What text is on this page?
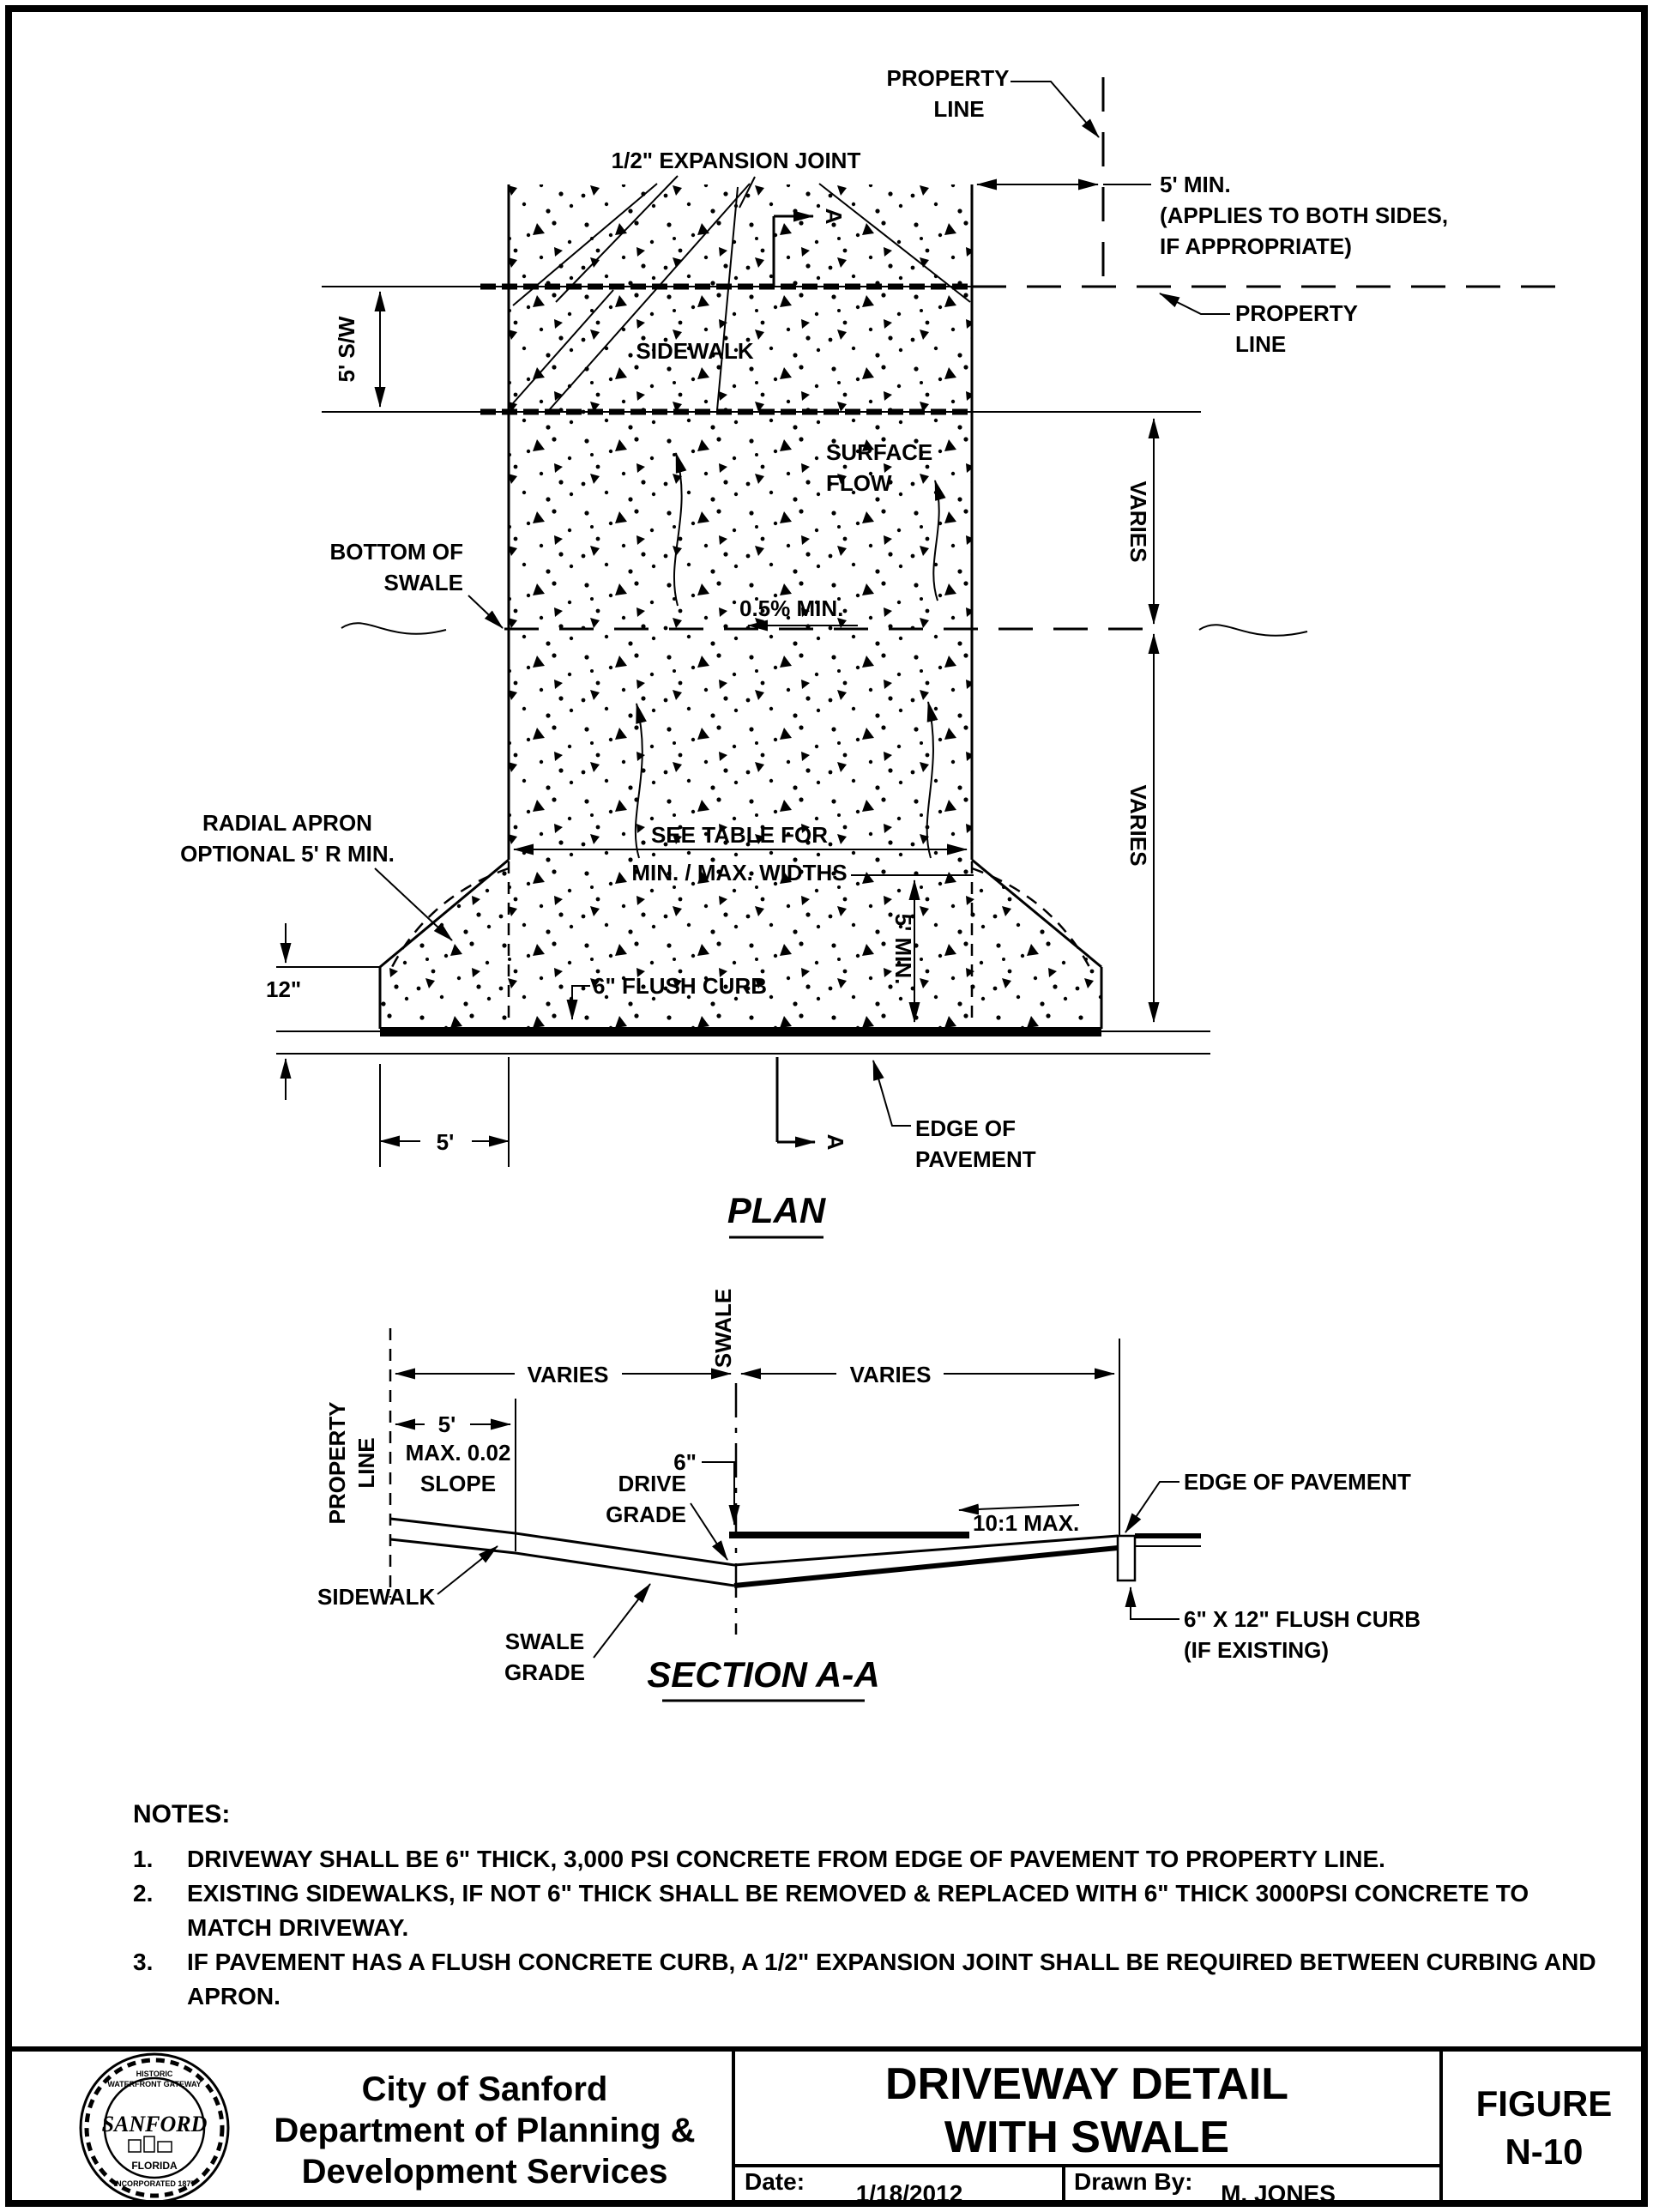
1/2" EXPANSION JOINT
PROPERTY
LINE
5' MIN.
(APPLIES TO BOTH SIDES,
IF APPROPRIATE)
PROPERTY
LINE
5' S/W
A
SIDEWALK
SURFACE
FLOW
BOTTOM OF
SWALE
0.5% MIN.
VARIES
VARIES
RADIAL APRON
OPTIONAL 5' R MIN.
SEE TABLE FOR
MIN. / MAX. WIDTHS
5' MIN.
6" FLUSH CURB
12"
5'	A
EDGE OF
PAVEMENT
PLAN
SWALE
PROPERTY LINE
VARIES	VARIES
5'
MAX. 0.02
SLOPE
6"
DRIVE
GRADE	10:1 MAX.
EDGE OF PAVEMENT
6" X 12" FLUSH CURB
(IF EXISTING)
SIDEWALK
SWALE
GRADE SECTION A-A
NOTES:
1. DRIVEWAY SHALL BE 6" THICK, 3,000 PSI CONCRETE FROM EDGE OF PAVEMENT TO PROPERTY LINE.
2. EXISTING SIDEWALKS, IF NOT 6" THICK SHALL BE REMOVED & REPLACED WITH 6" THICK 3000PSI CONCRETE TO
MATCH DRIVEWAY.
3. IF PAVEMENT HAS A FLUSH CONCRETE CURB, A 1/2" EXPANSION JOINT SHALL BE REQUIRED BETWEEN CURBING AND
APRON.
HISTORIC
WATERFRONT GATEWAY
SANFORD
FLORIDA
INCORPORATED 1877
City of Sanford
Department of Planning &
Development Services
DRIVEWAY DETAIL
WITH SWALE
Date: 1/18/2012	Drawn By: M. JONES
FIGURE
N-10
